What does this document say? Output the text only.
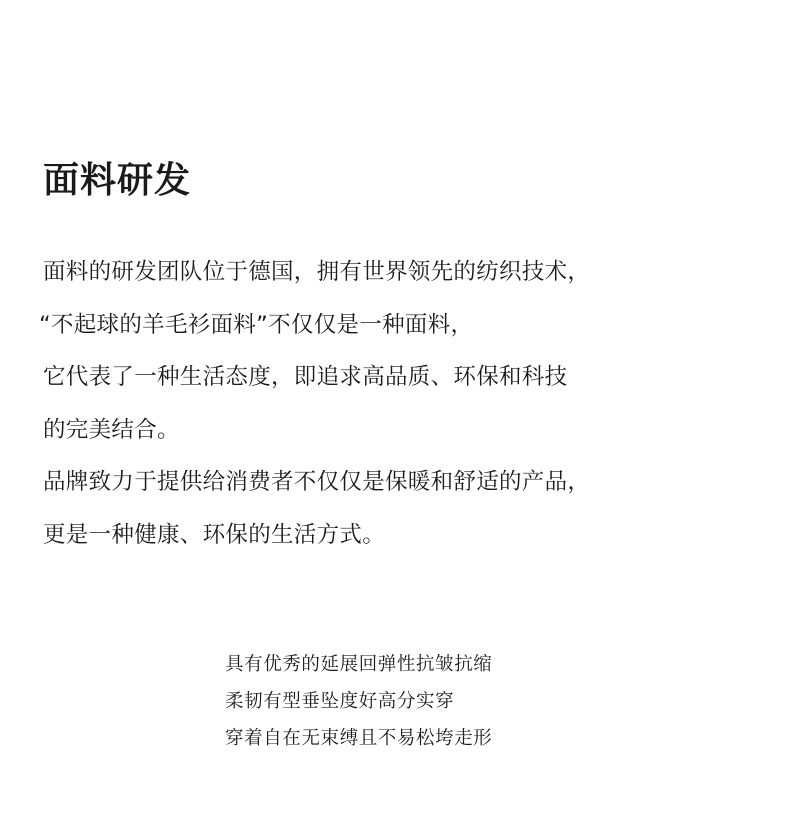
面料研发
面料的研发团队位于德国，拥有世界领先的纺织技术，
“不起球的羊毛衫面料”不仅仅是一种面料，
它代表了一种生活态度，即追求高品质、环保和科技
的完美结合。
品牌致力于提供给消费者不仅仅是保暖和舒适的产品，
更是一种健康、环保的生活方式。
具有优秀的延展回弹性抗皱抗缩
柔韧有型垂坠度好高分实穿
穿着自在无束缚且不易松垮走形
